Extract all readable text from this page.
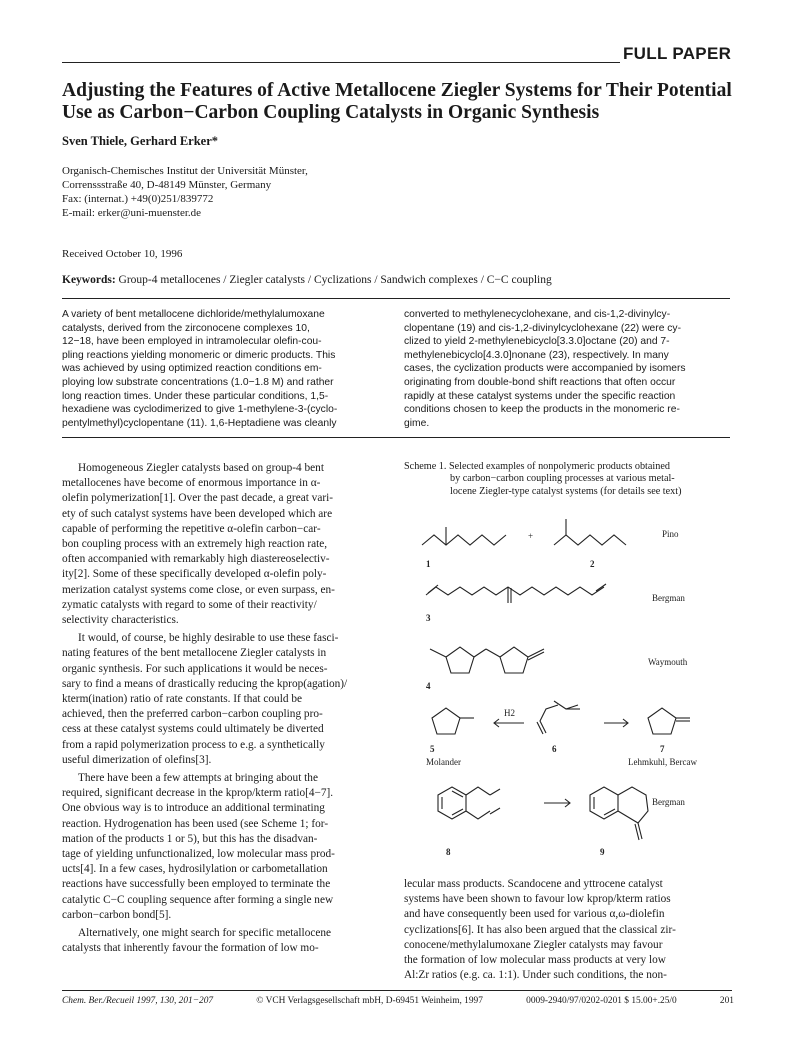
FULL PAPER
Adjusting the Features of Active Metallocene Ziegler Systems for Their Potential
Use as Carbon−Carbon Coupling Catalysts in Organic Synthesis
Sven Thiele, Gerhard Erker*
Organisch-Chemisches Institut der Universität Münster,
Correnssstraße 40, D-48149 Münster, Germany
Fax: (internat.) +49(0)251/839772
E-mail: erker@uni-muenster.de
Received October 10, 1996
Keywords: Group-4 metallocenes / Ziegler catalysts / Cyclizations / Sandwich complexes / C−C coupling
A variety of bent metallocene dichloride/methylalumoxane
catalysts, derived from the zirconocene complexes 10,
12−18, have been employed in intramolecular olefin-cou-
pling reactions yielding monomeric or dimeric products. This
was achieved by using optimized reaction conditions em-
ploying low substrate concentrations (1.0−1.8 M) and rather
long reaction times. Under these particular conditions, 1,5-
hexadiene was cyclodimerized to give 1-methylene-3-(cyclo-
pentylmethyl)cyclopentane (11). 1,6-Heptadiene was cleanly
converted to methylenecyclohexane, and cis-1,2-divinylcy-
clopentane (19) and cis-1,2-divinylcyclohexane (22) were cy-
clized to yield 2-methylenebicyclo[3.3.0]octane (20) and 7-
methylenebicyclo[4.3.0]nonane (23), respectively. In many
cases, the cyclization products were accompanied by isomers
originating from double-bond shift reactions that often occur
rapidly at these catalyst systems under the specific reaction
conditions chosen to keep the products in the monomeric re-
gime.
Homogeneous Ziegler catalysts based on group-4 bent
metallocenes have become of enormous importance in α-
olefin polymerization[1]. Over the past decade, a great vari-
ety of such catalyst systems have been developed which are
capable of performing the repetitive α-olefin carbon−car-
bon coupling process with an extremely high reaction rate,
often accompanied with remarkably high diastereoselectiv-
ity[2]. Some of these specifically developed α-olefin poly-
merization catalyst systems come close, or even surpass, en-
zymatic catalysts with regard to some of their reactivity/
selectivity characteristics.
It would, of course, be highly desirable to use these fasci-
nating features of the bent metallocene Ziegler catalysts in
organic synthesis. For such applications it would be neces-
sary to find a means of drastically reducing the kprop(agation)/
kterm(ination) ratio of rate constants. If that could be
achieved, then the preferred carbon−carbon coupling pro-
cess at these catalyst systems could ultimately be diverted
from a rapid polymerization process to e.g. a synthetically
useful dimerization of olefins[3].
There have been a few attempts at bringing about the
required, significant decrease in the kprop/kterm ratio[4−7].
One obvious way is to introduce an additional terminating
reaction. Hydrogenation has been used (see Scheme 1; for-
mation of the products 1 or 5), but this has the disadvan-
tage of yielding unfunctionalized, low molecular mass prod-
ucts[4]. In a few cases, hydrosilylation or carbometallation
reactions have successfully been employed to terminate the
catalytic C−C coupling sequence after forming a single new
carbon−carbon bond[5].
Alternatively, one might search for specific metallocene
catalysts that inherently favour the formation of low mo-
Scheme 1. Selected examples of nonpolymeric products obtained
by carbon−carbon coupling processes at various metal-
locene Ziegler-type catalyst systems (for details see text)
1
+
2
Pino
3
Bergman
4
Waymouth
H2
5	6	7
Molander	Lehmkuhl, Bercaw
Bergman
8	9
lecular mass products. Scandocene and yttrocene catalyst
systems have been shown to favour low kprop/kterm ratios
and have consequently been used for various α,ω-diolefin
cyclizations[6]. It has also been argued that the classical zir-
conocene/methylalumoxane Ziegler catalysts may favour
the formation of low molecular mass products at very low
Al:Zr ratios (e.g. ca. 1:1). Under such conditions, the non-
Chem. Ber./Recueil 1997, 130, 201−207	© VCH Verlagsgesellschaft mbH, D-69451 Weinheim, 1997	0009-2940/97/0202-0201 $ 15.00+.25/0	201
